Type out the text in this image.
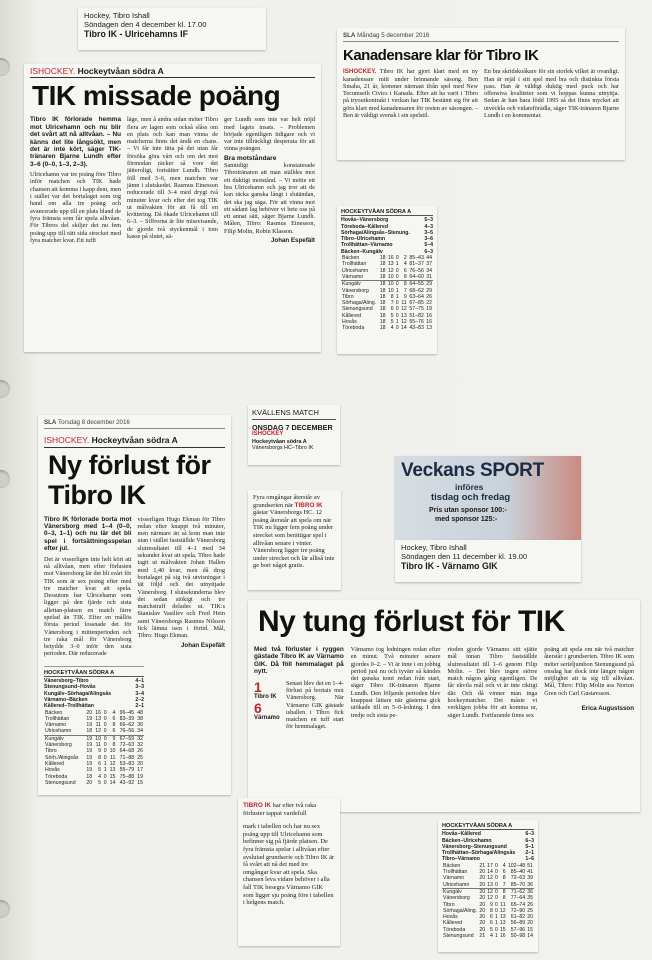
Hockey, Tibro Ishall
Söndagen den 4 december kl. 17.00
Tibro IK - Ulricehamns IF
ISHOCKEY. Hockeytvåan södra A
TIK missade poäng
Tibro IK förlorade hemma mot Ulricehamn och nu blir det svårt att nå alltvåan. – Nu känns det lite långsökt, men det är inte kört, säger TIK-tränaren Bjarne Lundh efter 3–6 (0–0, 1–3, 2–3).
Ulricehamn var tre poäng före Tibro inför matchen och TIK hade chansen att komma i kapp dem, men i stället var det bortalaget som tog hand om alla tre poäng och avancerade upp till en plats bland de fyra främsta som får spela alltvåan. För Tibros del skiljer det nu fem poäng upp till rätt sida strecket med fyra matcher kvar. Ett tufft
läge, men å andra sidan möter Tibro flera av lagen som också slåss om en plats och kan man vinna de matcherna finns det ändå en chans. – Vi får inte titta på det utan får försöka göra vårt och om det mot förmodan räcker så vore det jätteroligt, fortsätter Lundh. Tibro föll med 3–6, men matchen var jämn i slutskedet. Rasmus Einesson reducerade till 3–4 med drygt två minuter kvar och efter det tog TIK ut målvakten för att få till en kvittering. Då ökade Ulricehamn till 6–3. – Siffrorna är lite missvisande, de gjorde två styckenmål i tom kasse på slutet, sä-
ger Lundh som inte var helt nöjd med lagets insats. – Problemen började egentligen tidigare och vi var inte tillräckligt desperata för att vinna poängen.
Bra motståndare
Samtidigt konstaterade Tibrotränaren att man ställdes mot ett duktigt motstånd. – Vi mötte ett bra Ulricehamn och jag tror att de kan räcka ganska långt i slutändan, det ska jag säga. För att vinna mot ett sådant lag behöver vi bete oss på ett annat sätt, säger Bjarne Lundh. Målen, Tibro: Rasmus Einesson, Filip Molin, Robin Klasson.
Johan Espefält
SLA Måndag 5 december 2016
Kanadensare klar för Tibro IK
ISHOCKEY. Tibro IK har gjort klart med en ny kanadensare mitt under brinnande säsong. Ben Smaha, 21 år, kommer närmast ifrån spel med New Tecumseth Civics i Kanada. Efter att ha varit i Tibro på tryoutkontrakt i veckan har TIK bestämt sig för att göra klart med kanadensaren för resten av säsongen. – Ben är väldigt svensk i sin spelstil.
En bra skridskoåkare för sin storlek vilket är ovanligt. Han är rejäl i sitt spel med bra och distinkta första pass. Han är väldigt duktig med puck och har offensiva kvaliteter som vi hoppas kunna utnyttja. Sedan är han bara född 1995 så det finns mycket att utveckla och vidareförädla, säger TIK-tränaren Bjarne Lundh i en kommentar.
HOCKEYTVÅAN SÖDRA A
Hovås–Vänersborg	5–3
Töreboda–Kållered	4–3
Sörhaga/Alingsås–Stenung.	3–5
Tibro–Ulricehamn	3–6
Trollhättan–Värnamo	5–4
Bäcken–Kungälv	6–3
Bäcken	18	16	0	2	85–43	44
Trollhättan	18	13	1	4	81–37	37
Ulricehamn	18	12	0	6	76–56	34
Värnamo	18	10	0	8	64–60	31
Kungälv	18	10	0	8	64–55	29
Vänersborg	18	10	1	7	68–62	29
Tibro	18	8	1	9	63–64	26
Sörhaga/Aling.	18	7	0	11	67–85	22
Stenungsund	18	6	0	12	57–75	19
Kållered	18	5	0	13	51–82	16
Hovås	18	5	1	12	55–76	16
Töreboda	18	4	0	14	43–83	13
SLA Torsdag 8 december 2016
ISHOCKEY. Hockeytvåan södra A
Ny förlust för Tibro IK
Tibro IK förlorade borta mot Vänersborg med 1–4 (0–0, 0–3, 1–1) och nu lär det bli spel i fortsättningsspelan efter jul.
Det är visserligen inte helt kört att nå alltvåan, men efter förlusten mot Vänersborg lär det bli svårt för TIK som är sex poäng efter med tre matcher kvar att spela. Dessutom har Ulricehamn som ligger på den fjärde och sista allettan-platsen en match färre spelad än TIK. Efter en mållös första period lossnade det för Vänersborg i mittenperioden och tre raka mål för Vänersborg betydde 3–0 inför den sista perioden. Där reducerade
visserligen Hugo Ekman för Tibro redan efter knappt två minuter, men närmare än så kom man inte utan i stället fastställde Vänersborg slutresultatet till 4–1 med 34 sekunder kvar att spela. Tibro hade tagit ut målvakten Johan Hallen med 1,40 kvar, men då drog bortalaget på sig två utvisningar i tät följd och det utnyttjade Vänersborg. I slutsekunderna blev det sedan stökigt och tre matchstraff delades ut. TIK:s Stanislav Vasiliev och Fred Hein samt Vänersborgs Rasmus Nilsson fick lämna isen i förtid. Mål, Tibro: Hugo Ekman.
Johan Espefält
HOCKEYTVÅAN SÖDRA A
Vänersborg–Tibro	4–1
Stenungsund–Hovås	3–3
Kungälv–Sörhaga/Alingsås	3–4
Värnamo–Bäcken	2–2
Kållered–Trollhättan	2–1
Bäcken	20	16	0	4	96–45	48
Trollhättan	19	13	0	6	83–39	38
Värnamo	19	11	0	8	66–62	36
Ulricehamn	18	12	0	6	76–56	34
Kungälv	19	10	0	9	67–59	32
Vänersborg	19	11	0	8	72–63	32
Tibro	19	9	0	10	64–68	26
Sörh./Alingsås	19	8	0	11	71–88	25
Kållered	19	6	1	12	53–83	20
Hovås	19	5	1	13	55–79	17
Töreboda	18	4	0	15	75–88	19
Stenungsund	20	5	0	14	43–92	15
KVÄLLENS MATCH
ONSDAG 7 DECEMBER
ISHOCKEY
Hockeytvåan södra A
Vänersborgs HC–Tibro IK
Fyra omgångar återstår av grundserien när TIBRO IK gästar Vänersborgs HC. 12 poäng återstår att spela om när TIK nu ligger fem poäng under strecket som berättigar spel i alltvåan senare i vinter. Vänersborg ligger tre poäng under strecket och lär alltså inte ge bort något gratis.
Veckans SPORT
införes
tisdag och fredag
Pris utan sponsor 100:-
med sponsor 125:-
Hockey, Tibro Ishall
Söndagen den 11 december kl. 19.00
Tibro IK - Värnamo GIK
Ny tung förlust för TIK
Med två förluster i ryggen gästade Tibro IK av Värnamo GIK. Då föll hemmalaget på nytt.
1
Tibro IK
6
Värnamo
Senast blev det en 1–4-förlust på bortais mot Vänersborg. När Värnamo GIK gästade ishallen i Tibro fick matchen en tuff start för hemmalaget.
Värnamo tog ledningen redan efter en minut. Två minuter senare gjordes 0–2. – Vi är inne i en jobbig period just nu och tyvärr så kändes det ganska tomt redan från start, säger Tibro IK-tränaren Bjarne Lundh. Den följande perioden blev knappast lättare när gästerna gick utökade till en 5–0-ledning. I den tredje och sista pe-
rioden gjorde Värnamo sitt sjätte mål innan Tibro fastställde slutresultatet till 1–6 genom Filip Molin. – Det blev ingen större match någon gång egentligen. De får ekvila mål och vi är inte riktigt där. Och då vinner man inga hockeymatcher. Det måste vi verkligen jobba för att komma ur, säger Lundh. Fortfarande finns sex
poäng att spela om när två matcher återstår i grundserien. Tibro IK som möter serieljumbon Stenungsund på onsdag har dock inte längre någon möjlighet att ta sig till alltvåan. Mål, Tibro: Filip Molin ass Norton Gren och Carl Gustavsson.
Erica Augustsson
TIBRO IK har efter två raka förluster tappat vardefull
mark i tabellen och har nu sex poäng upp till Ulricehamn som befinner sig på fjärde platsen. De fyra främsta spelar i alltvåan efter avslutad grundserie och Tibro IK är få svårt att nå det med tre omgångar kvar att spela. Ska chansen leva vidare behöver i alla fall TIK besegra Värnamo GIK som ligger sju poäng före i tabellen i helgens match.
HOCKEYTVÅAN SÖDRA A
Hovås–Kållered	6–3
Bäcken–Ulricehamn	6–3
Vänersborg–Stenungsund	5–1
Trollhättan–Sörhaga/Alingsås 2–1
Tibro–Värnamo	1–6
Bäcken	21	17	0	4	102–48	51
Trollhättan	20	14	0	6	85–40	41
Värnamo	20	12	0	8	72–63	39
Ulricehamn	20	13	0	7	85–70	36
Kungälv	20	12	0	8	71–62	36
Vänersborg	20	12	0	8	77–64	35
Tibro	20	9	0	11	65–74	26
Sörhaga/Aling.	20	8	0	12	72–90	25
Hovås	20	6	1	13	61–82	20
Kållered	20	6	1	13	56–89	20
Töreboda	20	5	0	15	57–96	15
Stenungsund	21	4	1	16	50–98	14
